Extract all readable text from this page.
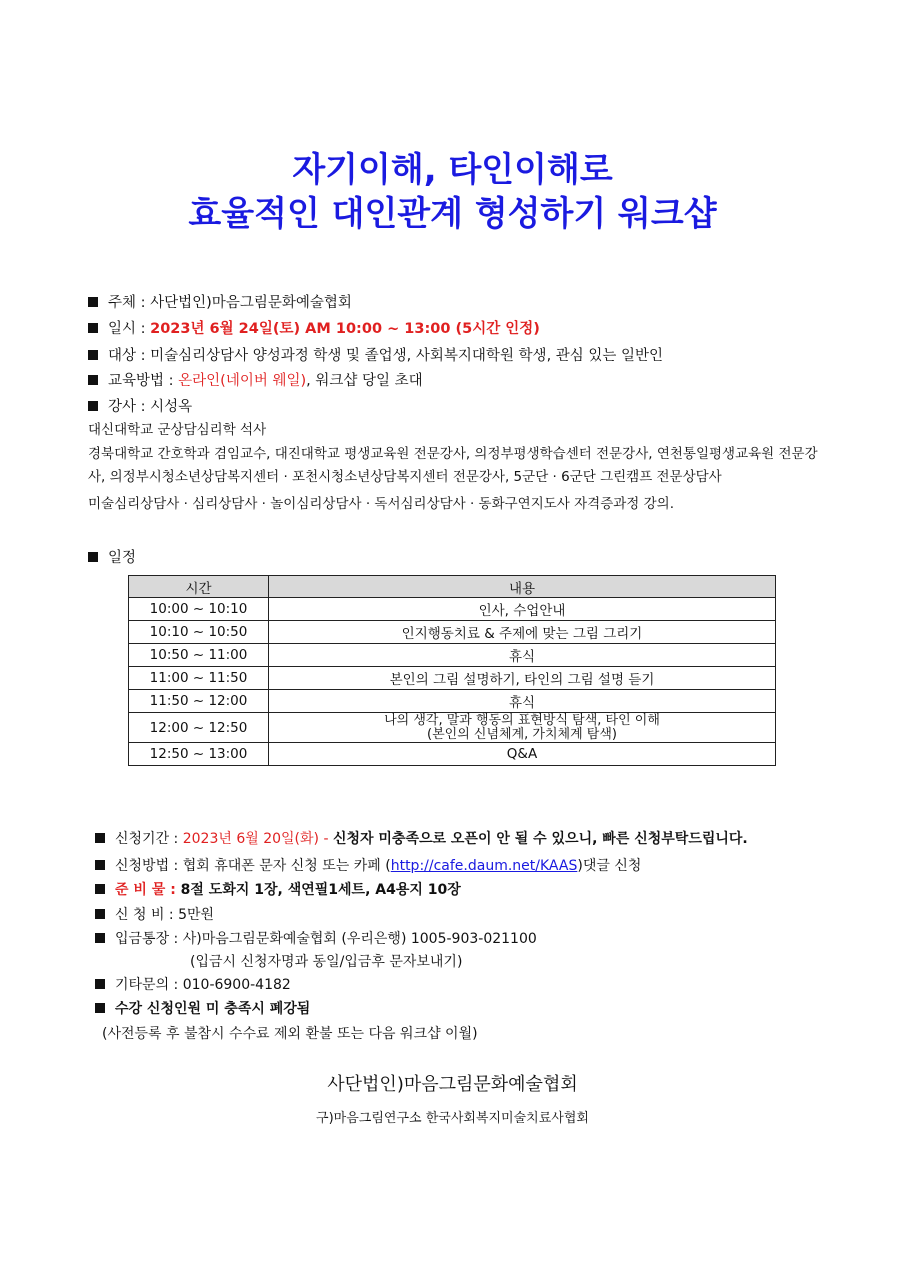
자기이해, 타인이해로
효율적인 대인관계 형성하기 워크샵
주체 : 사단법인)마음그림문화예술협회
일시 : 2023년 6월 24일(토) AM 10:00 ~ 13:00 (5시간 인정)
대상 : 미술심리상담사 양성과정 학생 및 졸업생, 사회복지대학원 학생, 관심 있는 일반인
교육방법 : 온라인(네이버 웨일), 워크샵 당일 초대
강사 : 시성옥
대신대학교 군상담심리학 석사
경북대학교 간호학과 겸임교수, 대진대학교 평생교육원 전문강사, 의정부평생학습센터 전문강사, 연천통일평생교육원 전문강사, 의정부시청소년상담복지센터 · 포천시청소년상담복지센터 전문강사, 5군단 · 6군단 그린캠프 전문상담사
미술심리상담사 · 심리상담사 · 놀이심리상담사 · 독서심리상담사 · 동화구연지도사 자격증과정 강의.
일정
시간	내용
10:00 ~ 10:10	인사, 수업안내
10:10 ~ 10:50	인지행동치료 & 주제에 맞는 그림 그리기
10:50 ~ 11:00	휴식
11:00 ~ 11:50	본인의 그림 설명하기, 타인의 그림 설명 듣기
11:50 ~ 12:00	휴식
12:00 ~ 12:50	나의 생각, 말과 행동의 표현방식 탐색, 타인 이해
(본인의 신념체계, 가치체계 탐색)

12:50 ~ 13:00	Q&A
신청기간 : 2023년 6월 20일(화) - 신청자 미충족으로 오픈이 안 될 수 있으니, 빠른 신청부탁드립니다.
신청방법 : 협회 휴대폰 문자 신청 또는 카페 (http://cafe.daum.net/KAAS)댓글 신청
준 비 물 : 8절 도화지 1장, 색연필1세트, A4용지 10장
신 청 비 : 5만원
입금통장 : 사)마음그림문화예술협회 (우리은행) 1005-903-021100
(입금시 신청자명과 동일/입금후 문자보내기)
기타문의 : 010-6900-4182
수강 신청인원 미 충족시 폐강됨
(사전등록 후 불참시 수수료 제외 환불 또는 다음 워크샵 이월)
사단법인)마음그림문화예술협회
구)마음그림연구소 한국사회복지미술치료사협회
